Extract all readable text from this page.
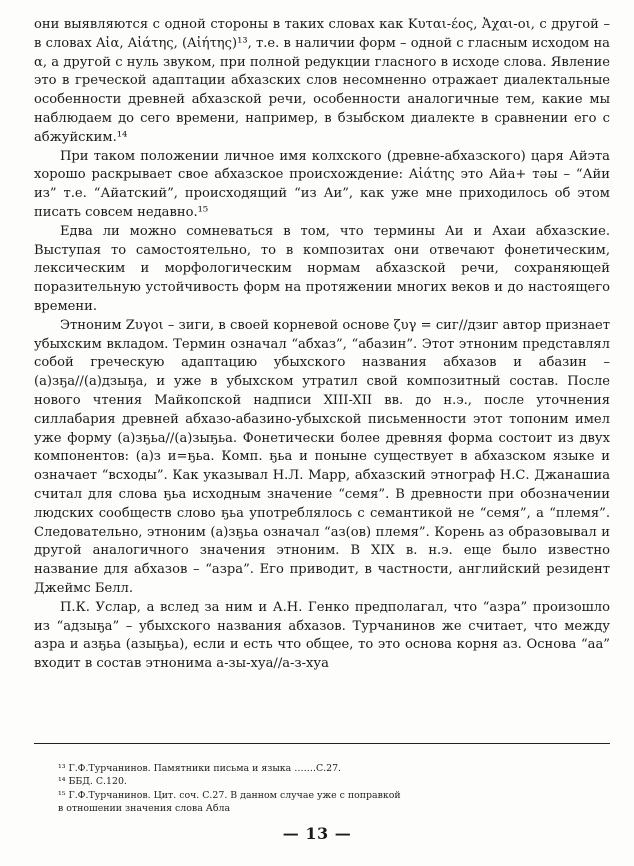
они выявляются с одной стороны в таких словах как Κυται-έος, Ἀχαι-οι, с другой – в словах Αἰα, Αἰάτης, (Αἰήτης)¹³, т.е. в наличии форм – одной с гласным исходом на α, а другой с нуль звуком, при полной редукции гласного в исходе слова. Явление это в греческой адаптации абхазских слов несомненно отражает диалектальные особенности древней абхазской речи, особенности аналогичные тем, какие мы наблюдаем до сего времени, например, в бзыбском диалекте в сравнении его с абжуйским.¹⁴

При таком положении личное имя колхского (древне-абхазского) царя Айэта хорошо раскрывает свое абхазское происхождение: Αἰάτης это Айа+ тәы – “Айи из” т.е. “Айатский”, происходящий “из Аи”, как уже мне приходилось об этом писать совсем недавно.¹⁵

Едва ли можно сомневаться в том, что термины Аи и Ахаи абхазские. Выступая то самостоятельно, то в композитах они отвечают фонетическим, лексическим и морфологическим нормам абхазской речи, сохраняющей поразительную устойчивость форм на протяжении многих веков и до настоящего времени.

Этноним Ζυγοι – зиги, в своей корневой основе ζυγ = сиг//дзиг автор признает убыхским вкладом. Термин означал “абхаз”, “абазин”. Этот этноним представлял собой греческую адаптацию убыхского названия абхазов и абазин – (а)зҕа//(а)дзыҕа, и уже в убыхском утратил свой композитный состав. После нового чтения Майкопской надписи XIII-XII вв. до н.э., после уточнения силлабария древней абхазо-абазино-убыхской письменности этот топоним имел уже форму (а)зҕьа//(а)зыҕьа. Фонетически более древняя форма состоит из двух компонентов: (а)з и=ҕьа. Комп. ҕьа и поныне существует в абхазском языке и означает “всходы”. Как указывал Н.Л. Марр, абхазский этнограф Н.С. Джанашиа считал для слова ҕьа исходным значение “семя”. В древности при обозначении людских сообществ слово ҕьа употреблялось с семантикой не “семя”, а “племя”. Следовательно, этноним (а)зҕьа означал “аз(ов) племя”. Корень аз образовывал и другой аналогичного значения этноним. В XIX в. н.э. еще было известно название для абхазов – “азра”. Его приводит, в частности, английский резидент Джеймс Белл.

П.К. Услар, а вслед за ним и А.Н. Генко предполагал, что “азра” произошло из “адзыҕа” – убыхского названия абхазов. Турчанинов же считает, что между азра и азҕьа (азыҕьа), если и есть что общее, то это основа корня аз. Основа “аа” входит в состав этнонима а-зы-хуа//а-з-хуа

¹³ Г.Ф.Турчанинов. Памятники письма и языка …….С.27.
¹⁴ ББД. С.120.
¹⁵ Г.Ф.Турчанинов. Цит. соч. С.27. В данном случае уже с поправкой
в отношении значения слова Абла
— 13 —
